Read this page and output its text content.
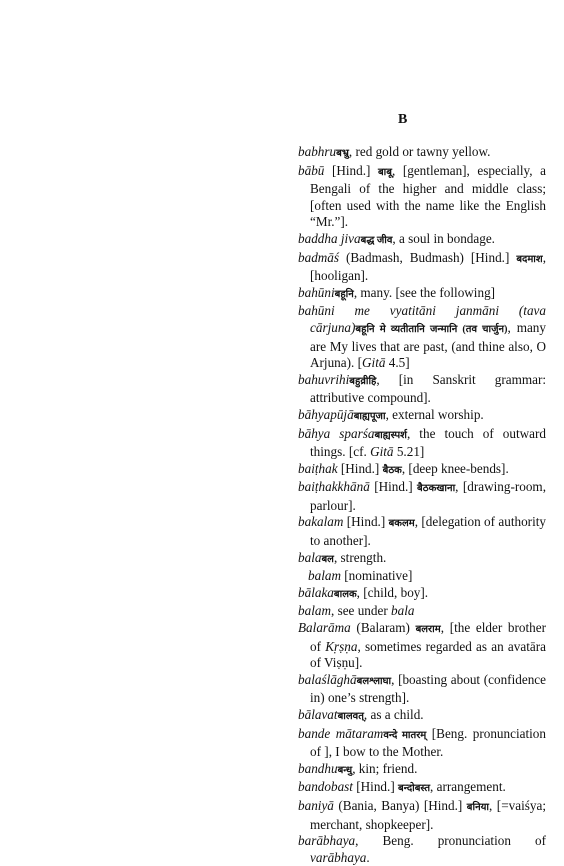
B
babhruबभ्रु, red gold or tawny yellow.
bābū [Hind.] बाबू, [gentleman], especially, a Bengali of the higher and middle class; [often used with the name like the English “Mr.”].
baddha jivaबद्ध जीव, a soul in bondage.
badmāś (Badmash, Budmash) [Hind.] बदमाश, [hooligan].
bahūniबहूनि, many. [see the following]
bahūni me vyatitāni janmāni (tava cārjuna)बहूनि मे व्यतीतानि जन्मानि (तव चार्जुन), many are My lives that are past, (and thine also, O Arjuna). [Gitā 4.5]
bahuvrihiबहुव्रीहि, [in Sanskrit grammar: attributive compound].
bāhyapūjāबाह्यपूजा, external worship.
bāhya sparśaबाह्यस्पर्श, the touch of outward things. [cf. Gitā 5.21]
baiṭhak [Hind.] बैठक, [deep knee-bends].
baiṭhakkhānā [Hind.] बैठकखाना, [drawing-room, parlour].
bakalam [Hind.] बकलम, [delegation of authority to another].
balaबल, strength.
balam [nominative]
bālakaबालक, [child, boy].
balam, see under bala
Balarāma (Balaram) बलराम, [the elder brother of Kṛṣṇa, sometimes regarded as an avatāra of Viṣṇu].
balaślāghāबलश्लाघा, [boasting about (confidence in) one’s strength].
bālavatबालवत्, as a child.
bande mātaramवन्दे मातरम् [Beng. pronunciation of ], I bow to the Mother.
bandhuबन्धु, kin; friend.
bandobast [Hind.] बन्दोबस्त, arrangement.
baniyā (Bania, Banya) [Hind.] बनिया, [=vaiśya; merchant, shopkeeper].
barābhaya, Beng. pronunciation of varābhaya.
